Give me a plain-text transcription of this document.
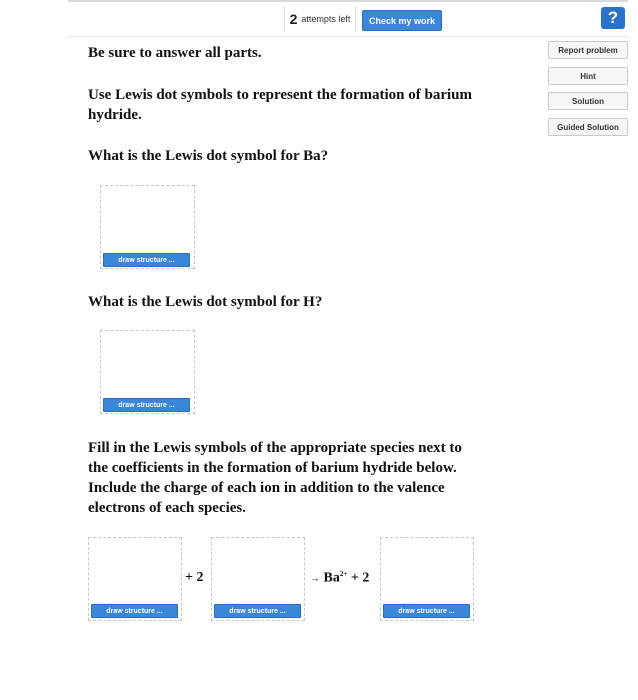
2 attempts left	Check my work	?
Report problem
Hint
Solution
Guided Solution
Be sure to answer all parts.
Use Lewis dot symbols to represent the formation of barium
hydride.
What is the Lewis dot symbol for Ba?
draw structure ...
What is the Lewis dot symbol for H?
draw structure ...
Fill in the Lewis symbols of the appropriate species next to
the coefficients in the formation of barium hydride below.
Include the charge of each ion in addition to the valence
electrons of each species.
draw structure ...
+ 2
draw structure ...
→ $Ba^{2+} + 2$
draw structure ...
